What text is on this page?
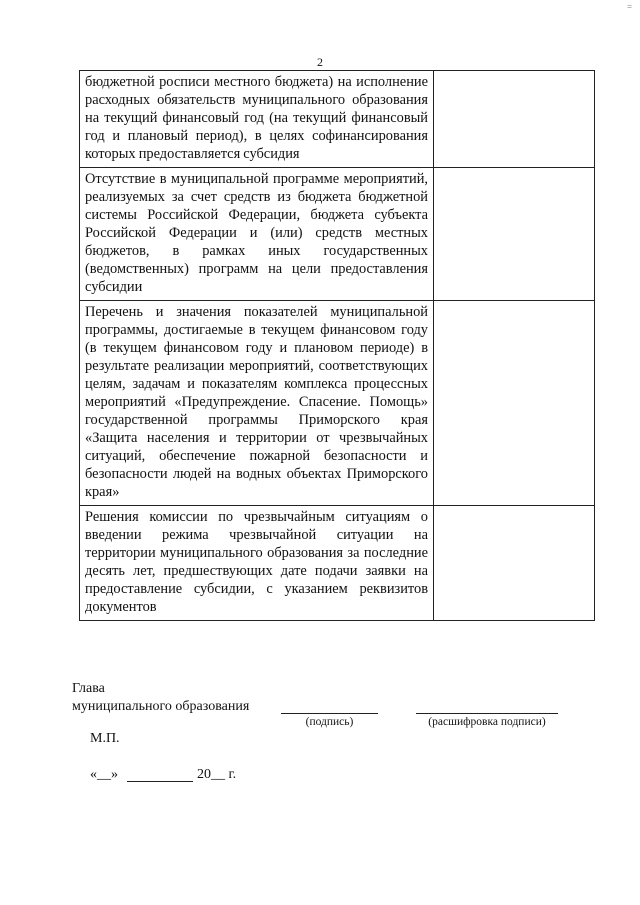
=
2
бюджетной росписи местного бюджета) на исполнение расходных обязательств муниципального образования на текущий финансовый год (на текущий финансовый год и плановый период), в целях софинансирования которых предоставляется субсидия	
Отсутствие в муниципальной программе мероприятий, реализуемых за счет средств из бюджета бюджетной системы Российской Федерации, бюджета субъекта Российской Федерации и (или) средств местных бюджетов, в рамках иных государственных (ведомственных) программ на цели предоставления субсидии	
Перечень и значения показателей муниципальной программы, достигаемые в текущем финансовом году (в текущем финансовом году и плановом периоде) в результате реализации мероприятий, соответствующих целям, задачам и показателям комплекса процессных мероприятий «Предупреждение. Спасение. Помощь» государственной программы Приморского края «Защита населения и территории от чрезвычайных ситуаций, обеспечение пожарной безопасности и безопасности людей на водных объектах Приморского края»	
Решения комиссии по чрезвычайным ситуациям о введении режима чрезвычайной ситуации на территории муниципального образования за последние десять лет, предшествующих дате подачи заявки на предоставление субсидии, с указанием реквизитов документов	
Глава
муниципального образования
(подпись)	(расшифровка подписи)
М.П.
«__»	20__ г.
